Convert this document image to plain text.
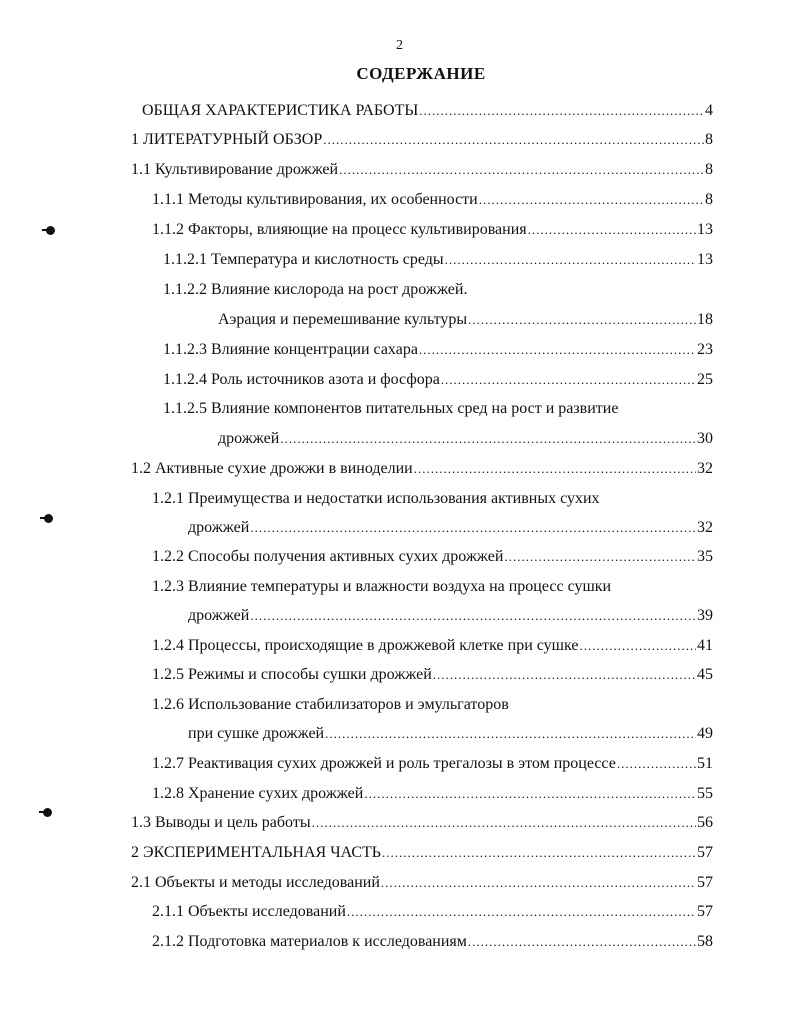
2
СОДЕРЖАНИЕ
ОБЩАЯ ХАРАКТЕРИСТИКА РАБОТЫ .....	4
1 ЛИТЕРАТУРНЫЙ ОБЗОР .....	8
1.1 Культивирование дрожжей .....	8
1.1.1 Методы культивирования, их особенности .....	8
1.1.2 Факторы, влияющие на процесс культивирования .....	13
1.1.2.1 Температура и кислотность среды .....	13
1.1.2.2 Влияние кислорода на рост дрожжей.
Аэрация и перемешивание культуры .....	18
1.1.2.3 Влияние концентрации сахара .....	23
1.1.2.4 Роль источников азота и фосфора .....	25
1.1.2.5 Влияние компонентов питательных сред на рост и развитие
дрожжей .....	30
1.2 Активные сухие дрожжи в виноделии .....	32
1.2.1 Преимущества и недостатки использования активных сухих
дрожжей .....	32
1.2.2 Способы получения активных сухих дрожжей .....	35
1.2.3 Влияние температуры и влажности воздуха на процесс сушки
дрожжей .....	39
1.2.4 Процессы, происходящие в дрожжевой клетке при сушке .....	41
1.2.5 Режимы и способы сушки дрожжей .....	45
1.2.6 Использование стабилизаторов и эмульгаторов
при сушке дрожжей .....	49
1.2.7 Реактивация сухих дрожжей и роль трегалозы в этом процессе .....	51
1.2.8 Хранение сухих дрожжей .....	55
1.3 Выводы и цель работы .....	56
2 ЭКСПЕРИМЕНТАЛЬНАЯ ЧАСТЬ .....	57
2.1 Объекты и методы исследований .....	57
2.1.1 Объекты исследований .....	57
2.1.2 Подготовка материалов к исследованиям .....	58
